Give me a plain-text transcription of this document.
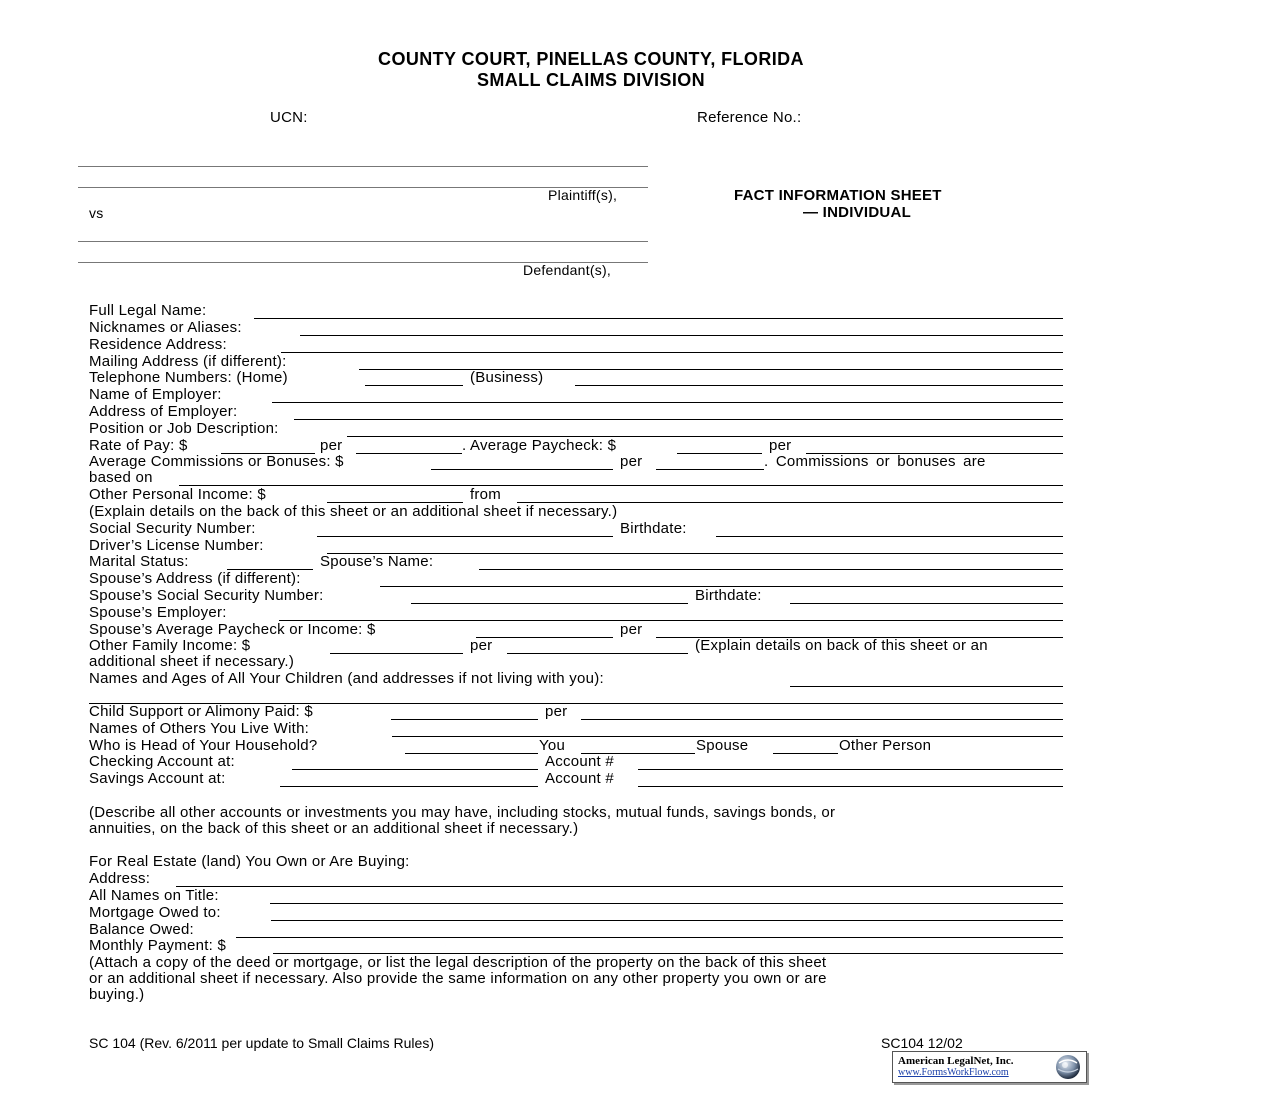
COUNTY COURT, PINELLAS COUNTY, FLORIDA
SMALL CLAIMS DIVISION
UCN:	Reference No.:
Plaintiff(s),
vs
Defendant(s),
FACT INFORMATION SHEET
— INDIVIDUAL
Full Legal Name:
Nicknames or Aliases:
Residence Address:
Mailing Address (if different):
Telephone Numbers: (Home)	(Business)
Name of Employer:
Address of Employer:
Position or Job Description:
Rate of Pay: $	per	. Average Paycheck: $	per
Average Commissions or Bonuses: $	per	. Commissions or bonuses are
based on
Other Personal Income: $	from
(Explain details on the back of this sheet or an additional sheet if necessary.)
Social Security Number:	Birthdate:
Driver’s License Number:
Marital Status:	Spouse’s Name:
Spouse’s Address (if different):
Spouse’s Social Security Number:	Birthdate:
Spouse’s Employer:
Spouse’s Average Paycheck or Income: $	per
Other Family Income: $	per	(Explain details on back of this sheet or an
additional sheet if necessary.)
Names and Ages of All Your Children (and addresses if not living with you):
Child Support or Alimony Paid: $	per
Names of Others You Live With:
Who is Head of Your Household?	You	Spouse	Other Person
Checking Account at:	Account #
Savings Account at:	Account #
(Describe all other accounts or investments you may have, including stocks, mutual funds, savings bonds, or
annuities, on the back of this sheet or an additional sheet if necessary.)
For Real Estate (land) You Own or Are Buying:
Address:
All Names on Title:
Mortgage Owed to:
Balance Owed:
Monthly Payment: $
(Attach a copy of the deed or mortgage, or list the legal description of the property on the back of this sheet
or an additional sheet if necessary. Also provide the same information on any other property you own or are
buying.)
SC 104 (Rev. 6/2011 per update to Small Claims Rules)	SC104 12/02
American LegalNet, Inc.
www.FormsWorkFlow.com
